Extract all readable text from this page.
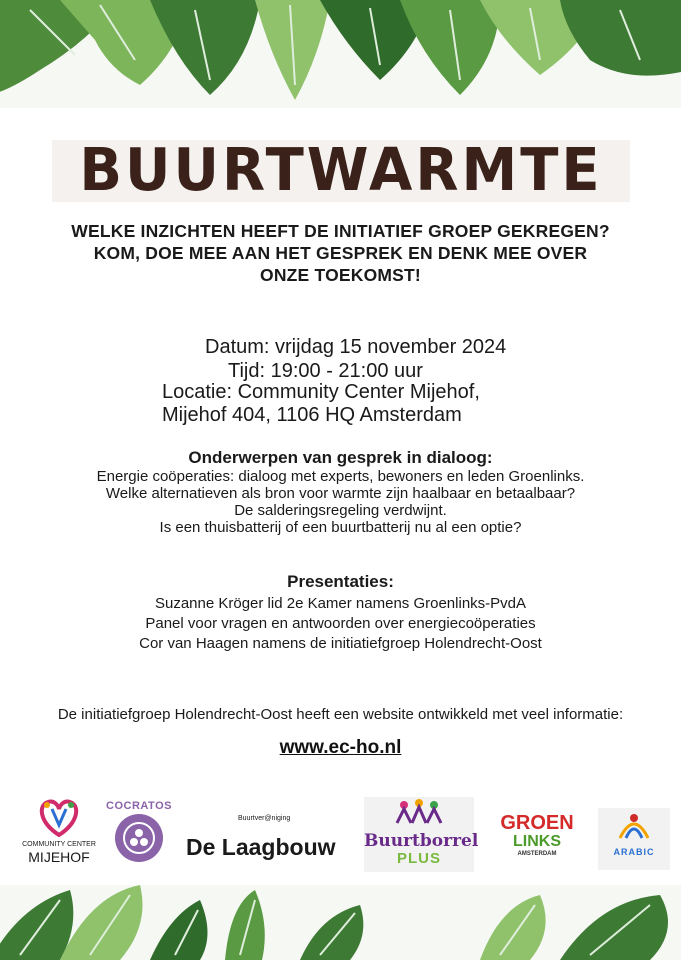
BUURTWARMTE
WELKE INZICHTEN HEEFT DE INITIATIEF GROEP GEKREGEN?
KOM, DOE MEE AAN HET GESPREK EN DENK MEE OVER
ONZE TOEKOMST!
Datum: vrijdag 15 november 2024
Tijd: 19:00 - 21:00 uur
Locatie: Community Center Mijehof,
Mijehof 404, 1106 HQ Amsterdam
Onderwerpen van gesprek in dialoog:

Energie coöperaties: dialoog met experts, bewoners en leden Groenlinks.

Welke alternatieven als bron voor warmte zijn haalbaar en betaalbaar?

De salderingsregeling verdwijnt.

Is een thuisbatterij of een buurtbatterij nu al een optie?

Presentaties:

Suzanne Kröger lid 2e Kamer namens Groenlinks-PvdA

Panel voor vragen en antwoorden over energiecoöperaties

Cor van Haagen namens de initiatiefgroep Holendrecht-Oost

De initiatiefgroep Holendrecht-Oost heeft een website ontwikkeld met veel informatie:
www.ec-ho.nl
COMMUNITY CENTER
MIJEHOF
COCRATOS
Buurtver@niging
De Laagbouw	Buurtborrel
PLUS
GROEN
LINKS
AMSTERDAM	ARABIC
